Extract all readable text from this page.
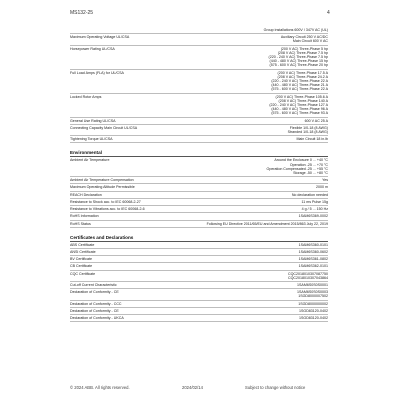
MS132-25	4
Group installations 600V / 347V AC (UL)
Maximum Operating Voltage UL/CSA	Auxiliary Circuit 250 V AC/DC
Main Circuit 600 V AC
Horsepower Rating UL/CSA	(200 V AC) Three-Phase 5 hp
(208 V AC) Three-Phase 7.5 hp
(220 - 240 V AC) Three-Phase 7.5 hp
(440 - 480 V AC) Three-Phase 15 hp
(575 - 600 V AC) Three-Phase 20 hp
Full Load Amps (FLA) for UL/CSA	(200 V AC) Three-Phase 17.5 A
(208 V AC) Three-Phase 24.2 A
(220 - 240 V AC) Three-Phase 22 A
(440 - 480 V AC) Three-Phase 21 A
(575 - 600 V AC) Three-Phase 22 A
Locked Rotor Amps	(200 V AC) Three-Phase 105.6 A
(208 V AC) Three-Phase 140 A
(220 - 240 V AC) Three-Phase 127 A
(440 - 480 V AC) Three-Phase 96 A
(575 - 600 V AC) Three-Phase 93 A
General Use Rating UL/CSA	600 V AC 25 A
Connecting Capacity Main Circuit UL/CSA	Flexible 1/0-18 (8 AWG)
Stranded 1/0-18 (8 AWG)
Tightening Torque UL/CSA	Main Circuit 18 in.lb
Environmental
Ambient Air Temperature	Around the Enclosure 0 ... +40 °C
Operation -25 ... +70 °C
Operation Compensated -25 ... +55 °C
Storage -50 ... +80 °C
Ambient Air Temperature Compensation	Yes
Maximum Operating Altitude Permissible	2000 m
REACH Declaration	No declaration needed
Resistance to Shock acc. to IEC 60068-2-27	11 ms Pulse 15g
Resistance to Vibrations acc. to IEC 60068-2-6	4 g / 5 ... 150 Hz
RoHS Information	1SAM6S369-0002
RoHS Status	Following EU Directive 2011/65/EU and Amendment 2015/863 July 22, 2019
Certificates and Declarations
ABS Certificate	1SAM6S360-0101
ANSI Certificate	1SAM6S360-0602
BV Certificate	1SAM6S361-0802
CB Certificate	1SAM6S362-0101
CQC Certificate	CQC2018010307087750
CQC2018010307043864
Cut-off Current Characteristic	1SAM6S0S0S0001
Declaration of Conformity - CE	1SAM6S0S0S0003
1SGD8000007502
Declaration of Conformity - CCC	1SGD8000000002
Declaration of Conformity - CE	1SGD83120-0402
Declaration of Conformity - UKCA	1SGD83120-0402
© 2024 ABB. All rights reserved.	2024/02/14	Subject to change without notice
